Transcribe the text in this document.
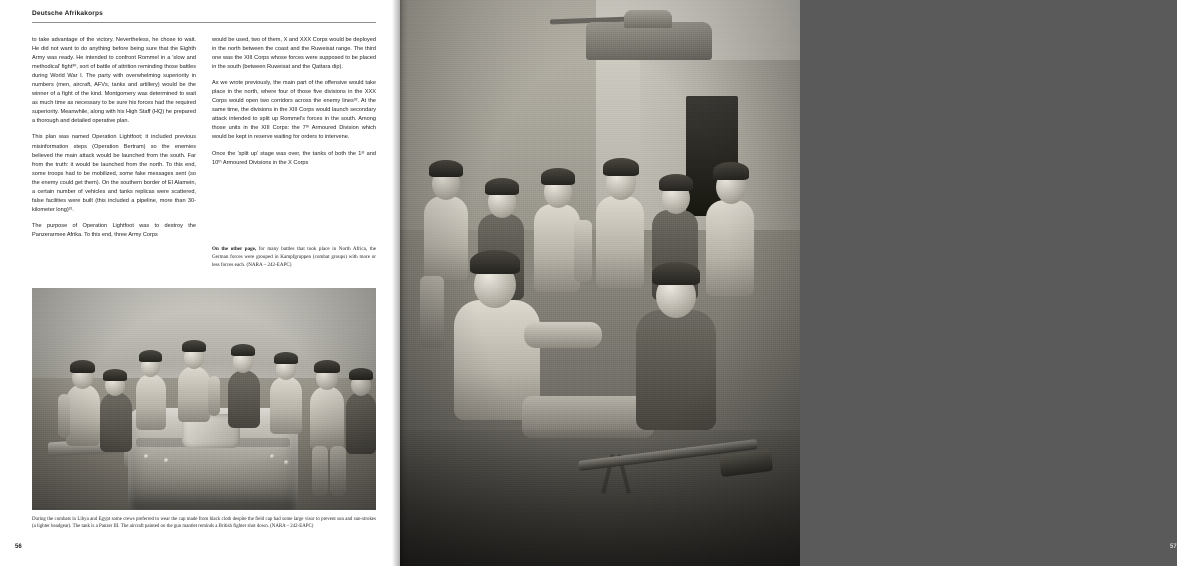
Deutsche Afrikakorps

to take advantage of the victory. Nevertheless, he chose to wait. He did not want to do anything before being sure that the Eighth Army was ready. He intended to confront Rommel in a 'slow and methodical' fight³⁰, sort of battle of attrition reminding those battles during World War I. The party with overwhelming superiority in numbers (men, aircraft, AFVs, tanks and artillery) would be the winner of a fight of the kind. Montgomery was determined to wait as much time as necessary to be sure his forces had the required superiority. Meanwhile, along with his High Staff (HQ) he prepared a thorough and detailed operative plan.

This plan was named Operation Lightfoot; it included previous misinformation steps (Operation Bertram) so the enemies believed the main attack would be launched from the south. Far from the truth: it would be launched from the north. To this end, some troops had to be mobilized, some fake messages sent (so the enemy could get them). On the southern border of El Alamein, a certain number of vehicles and tanks replicas were scattered, false facilities were built (this included a pipeline, more than 30-kilometer long)³¹.

The purpose of Operation Lightfoot was to destroy the Panzerarmee Afrika. To this end, three Army Corps

would be used, two of them, X and XXX Corps would be deployed in the north between the coast and the Ruweisat range. The third one was the XIII Corps whose forces were supposed to be placed in the south (between Ruweisat and the Qattara dip).

As we wrote previously, the main part of the offensive would take place in the north, where four of those five divisions in the XXX Corps would open two corridors across the enemy lines³². At the same time, the divisions in the XIII Corps would launch secondary attack intended to split up Rommel's forces in the south. Among those units in the XIII Corps: the 7ᵗʰ Armoured Division which would be kept in reserve waiting for orders to intervene.

Once the 'split up' stage was over, the tanks of both the 1ˢᵗ and 10ᵗʰ Armoured Divisions in the X Corps

On the other page, for many battles that took place in North Africa, the German forces were grouped in Kampfgruppen (combat groups) with more or less forces each. (NARA – 242-EAPC)
During the combats in Libya and Egypt some crews preferred to wear the cap made from black cloth despite the field cap had some large visor to prevent sun and sun-strokes (a lighter headgear). The tank is a Panzer III. The aircraft painted on the gun mantlet reminds a British fighter shot down. (NARA – 242-EAPC)
56	57
